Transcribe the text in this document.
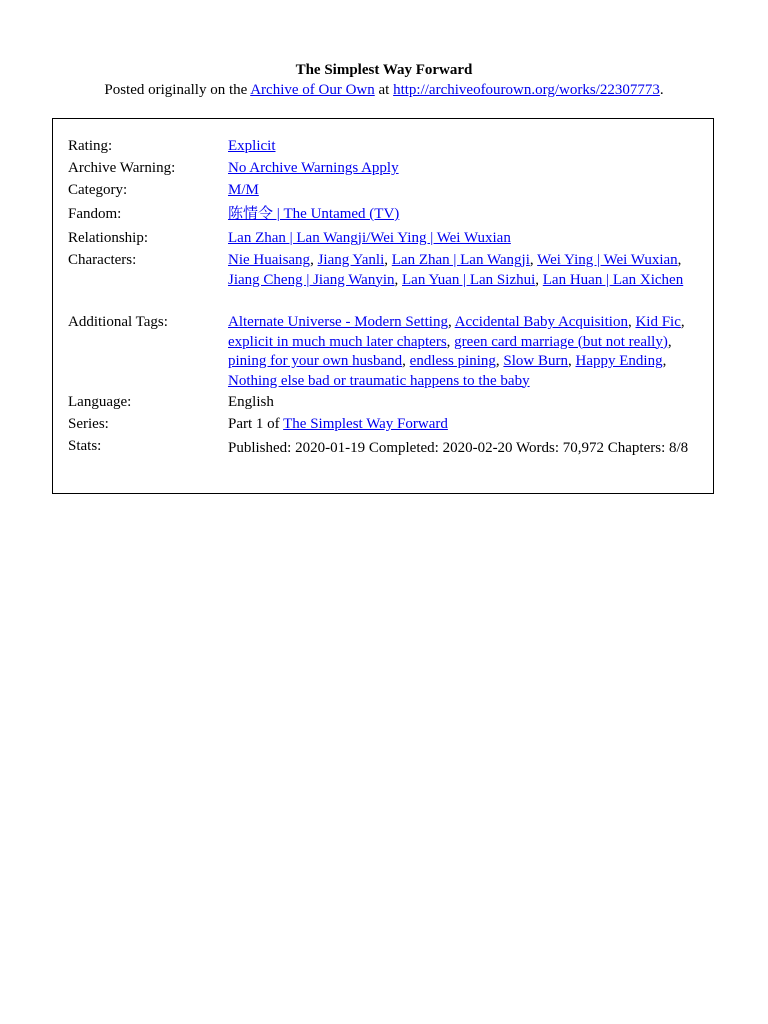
The Simplest Way Forward
Posted originally on the Archive of Our Own at http://archiveofourown.org/works/22307773.
Rating:	Explicit
Archive Warning:	No Archive Warnings Apply
Category:	M/M
Fandom:	陈情令 | The Untamed (TV)
Relationship:	Lan Zhan | Lan Wangji/Wei Ying | Wei Wuxian
Characters:	Nie Huaisang, Jiang Yanli, Lan Zhan | Lan Wangji, Wei Ying | Wei Wuxian, Jiang Cheng | Jiang Wanyin, Lan Yuan | Lan Sizhui, Lan Huan | Lan Xichen
Additional Tags:	Alternate Universe - Modern Setting, Accidental Baby Acquisition, Kid Fic, explicit in much much later chapters, green card marriage (but not really), pining for your own husband, endless pining, Slow Burn, Happy Ending, Nothing else bad or traumatic happens to the baby
Language:	English
Series:	Part 1 of The Simplest Way Forward
Stats:	Published: 2020-01-19 Completed: 2020-02-20 Words: 70,972 Chapters: 8/8
